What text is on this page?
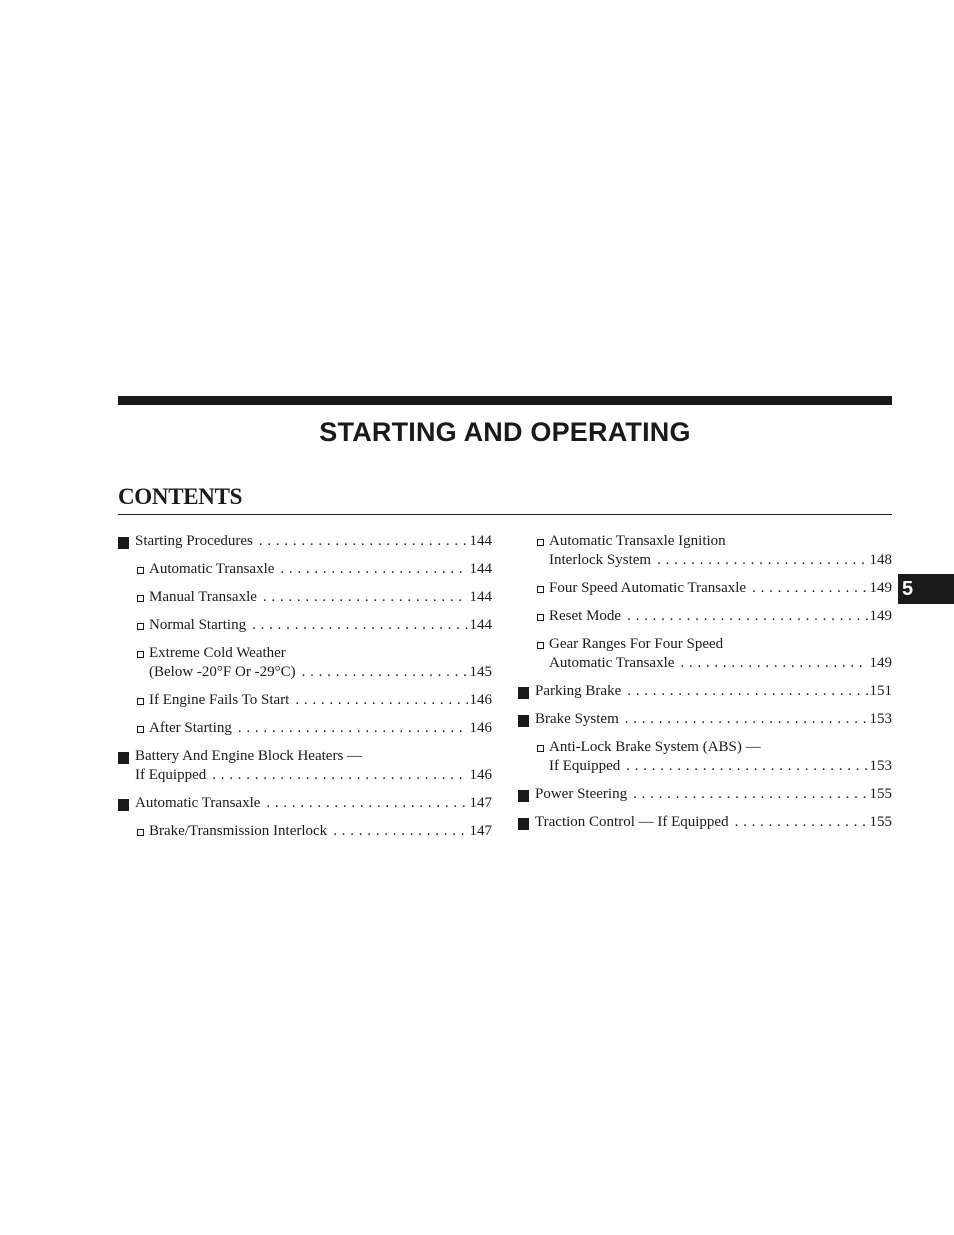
STARTING AND OPERATING
CONTENTS
Starting Procedures . . .	144
Automatic Transaxle . . .	144
Manual Transaxle . . .	144
Normal Starting . . .	144
Extreme Cold Weather
(Below -20°F Or -29°C) . . .	145
If Engine Fails To Start . . .	146
After Starting . . .	146
Battery And Engine Block Heaters —
If Equipped . . .	146
Automatic Transaxle . . .	147
Brake/Transmission Interlock . . .	147
Automatic Transaxle Ignition
Interlock System . . .	148
Four Speed Automatic Transaxle . . .	149
Reset Mode . . .	149
Gear Ranges For Four Speed
Automatic Transaxle . . .	149
Parking Brake . . .	151
Brake System . . .	153
Anti-Lock Brake System (ABS) —
If Equipped . . .	153
Power Steering . . .	155
Traction Control — If Equipped . . .	155
5
